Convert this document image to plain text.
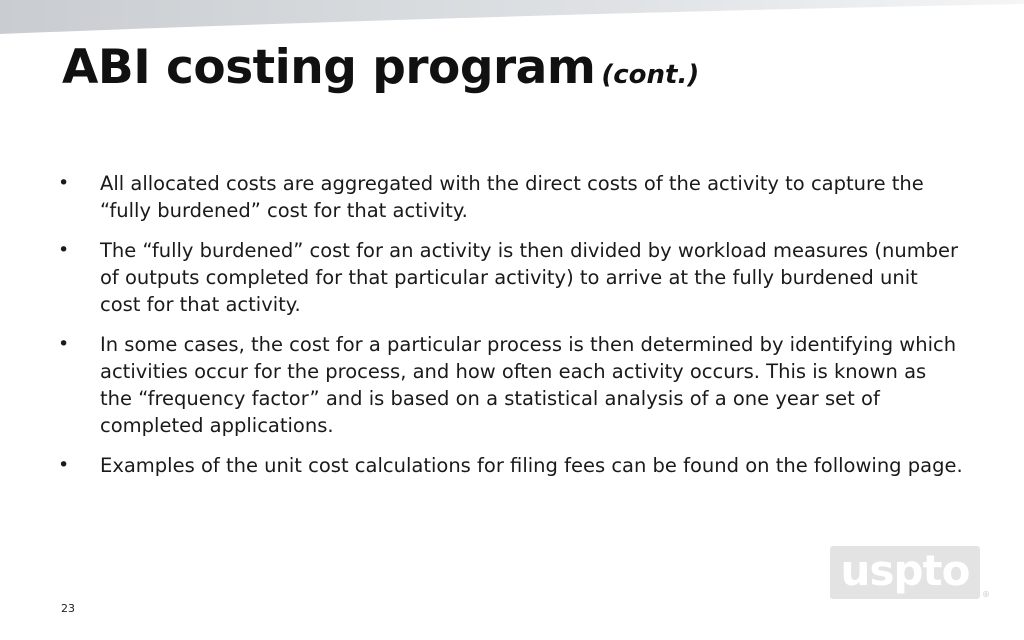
ABI costing program (cont.)
• All allocated costs are aggregated with the direct costs of the activity to capture the “fully burdened” cost for that activity.
• The “fully burdened” cost for an activity is then divided by workload measures (number of outputs completed for that particular activity) to arrive at the fully burdened unit cost for that activity.
• In some cases, the cost for a particular process is then determined by identifying which activities occur for the process, and how often each activity occurs. This is known as the “frequency factor” and is based on a statistical analysis of a one year set of completed applications.
• Examples of the unit cost calculations for filing fees can be found on the following page.
23
uspto ®
